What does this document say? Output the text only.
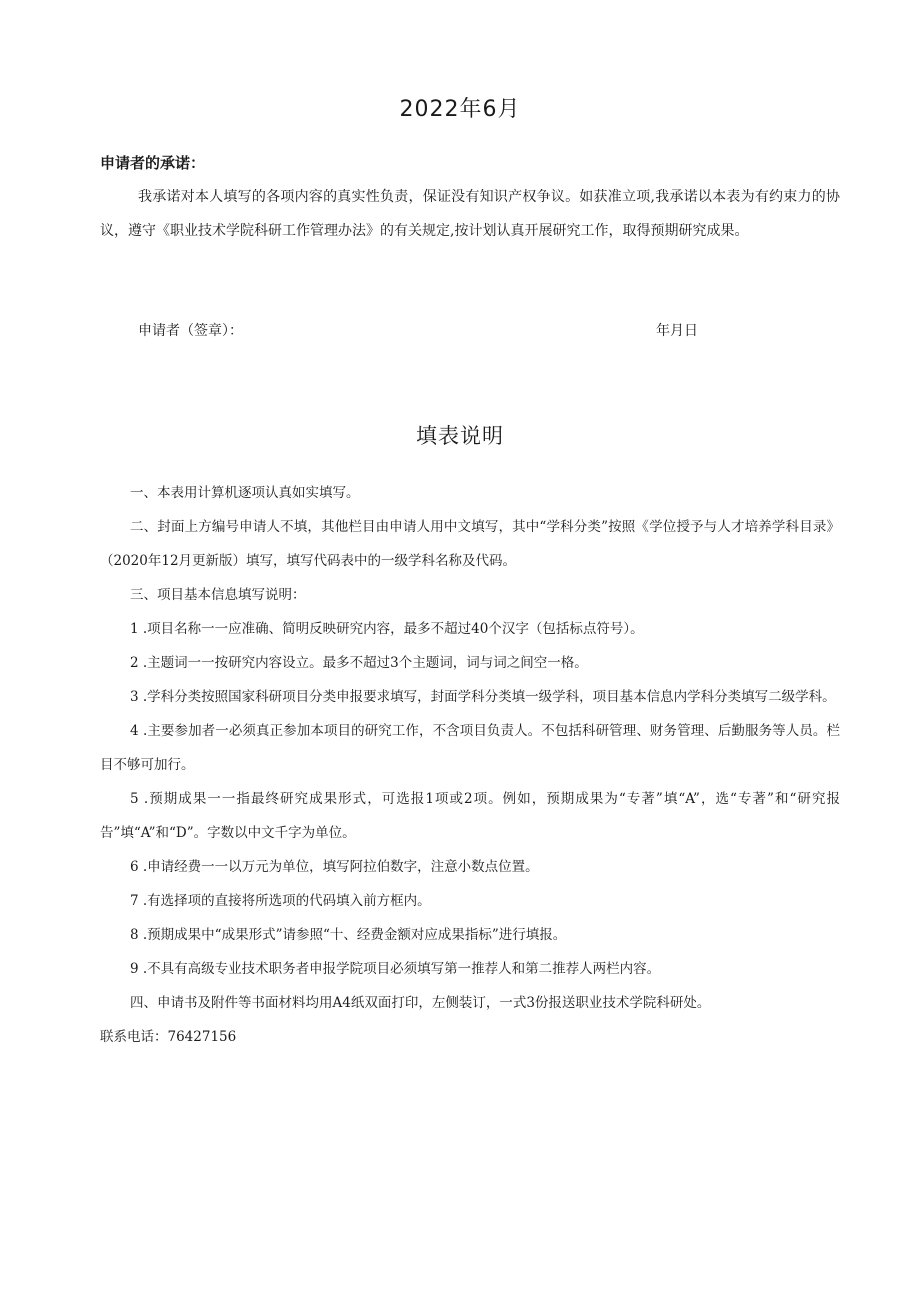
2022年6月
申请者的承诺：

我承诺对本人填写的各项内容的真实性负责，保证没有知识产权争议。如获准立项,我承诺以本表为有约束力的协议，遵守《职业技术学院科研工作管理办法》的有关规定,按计划认真开展研究工作，取得预期研究成果。

申请者（签章）：	年月日
填表说明

一、本表用计算机逐项认真如实填写。

二、封面上方编号申请人不填，其他栏目由申请人用中文填写，其中“学科分类”按照《学位授予与人才培养学科目录》（2020年12月更新版）填写，填写代码表中的一级学科名称及代码。

三、项目基本信息填写说明：

1 .项目名称一一应准确、简明反映研究内容，最多不超过40个汉字（包括标点符号）。

2 .主题词一一按研究内容设立。最多不超过3个主题词，词与词之间空一格。

3 .学科分类按照国家科研项目分类申报要求填写，封面学科分类填一级学科，项目基本信息内学科分类填写二级学科。

4 .主要参加者一必须真正参加本项目的研究工作，不含项目负责人。不包括科研管理、财务管理、后勤服务等人员。栏目不够可加行。

5 .预期成果一一指最终研究成果形式，可选报1项或2项。例如，预期成果为“专著”填“A”，选“专著”和“研究报告”填“A”和“D”。字数以中文千字为单位。

6 .申请经费一一以万元为单位，填写阿拉伯数字，注意小数点位置。

7 .有选择项的直接将所选项的代码填入前方框内。

8 .预期成果中“成果形式”请参照“十、经费金额对应成果指标”进行填报。

9 .不具有高级专业技术职务者申报学院项目必须填写第一推荐人和第二推荐人两栏内容。

四、申请书及附件等书面材料均用A4纸双面打印，左侧装订，一式3份报送职业技术学院科研处。

联系电话：76427156
